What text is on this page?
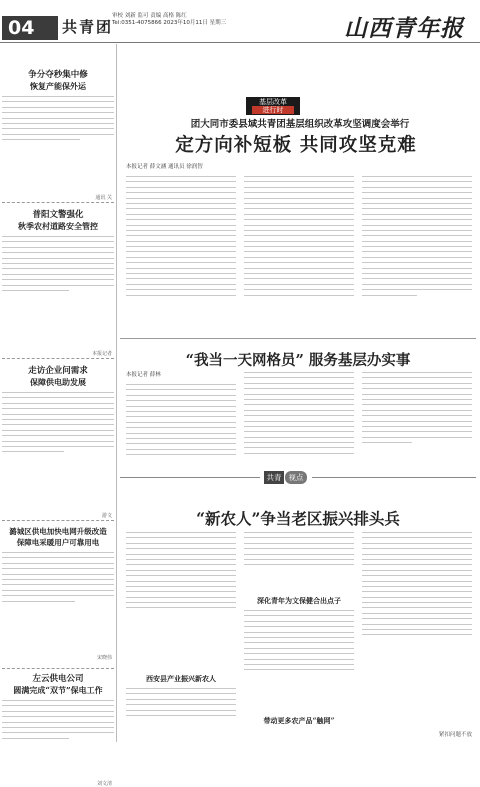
04	共青团
审校 刘新 监可 责编 高格 陈红
Tel:0351-4075866 2023年10月11日 星期三	山西青年报
争分夺秒集中修
恢复产能保外运
通讯 关
普阳文警强化
秋季农村道路安全管控
本报记者
走访企业问需求
保障供电助发展
游文
潞城区供电加快电网升级改造
保障电采暖用户可靠用电
宋晓伟
左云供电公司
圆满完成“双节”保电工作
刘文清
基层改革
进行时
团大同市委县域共青团基层组织改革攻坚调度会举行
定方向补短板 共同攻坚克难
本报记者 薛文涵 通讯员 徐润智
“我当一天网格员” 服务基层办实事
本报记者 薛林
共青 视点
“新农人”争当老区振兴排头兵
西安县产业振兴新农人
深化青年为文保健合出点子
带动更多农产品“触网”
紧扣问题不放
